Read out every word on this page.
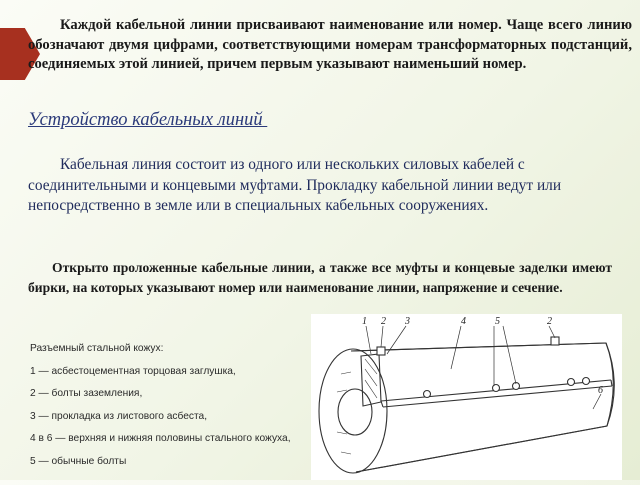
Каждой кабельной линии присваивают наименование или номер. Чаще всего линию обозначают двумя цифрами, соответствующими номерам трансформаторных подстанций, соединяемых этой линией, причем первым указывают наименьший номер.

Устройство кабельных линий

Кабельная линия состоит из одного или нескольких силовых кабелей с соединительными и концевыми муфтами. Прокладку кабельной линии ведут или непосредственно в земле или в специальных кабельных сооружениях.

Открыто проложенные кабельные линии, а также все муфты и концевые заделки имеют бирки, на которых указывают номер или наименование линии, напряжение и сечение.

1 2 3	4	5	2
6
Разъемный стальной кожух:
1 — асбестоцементная торцовая заглушка,
2 — болты заземления,
3 — прокладка из листового асбеста,
4 в 6 — верхняя и нижняя половины стального кожуха,
5 — обычные болты
